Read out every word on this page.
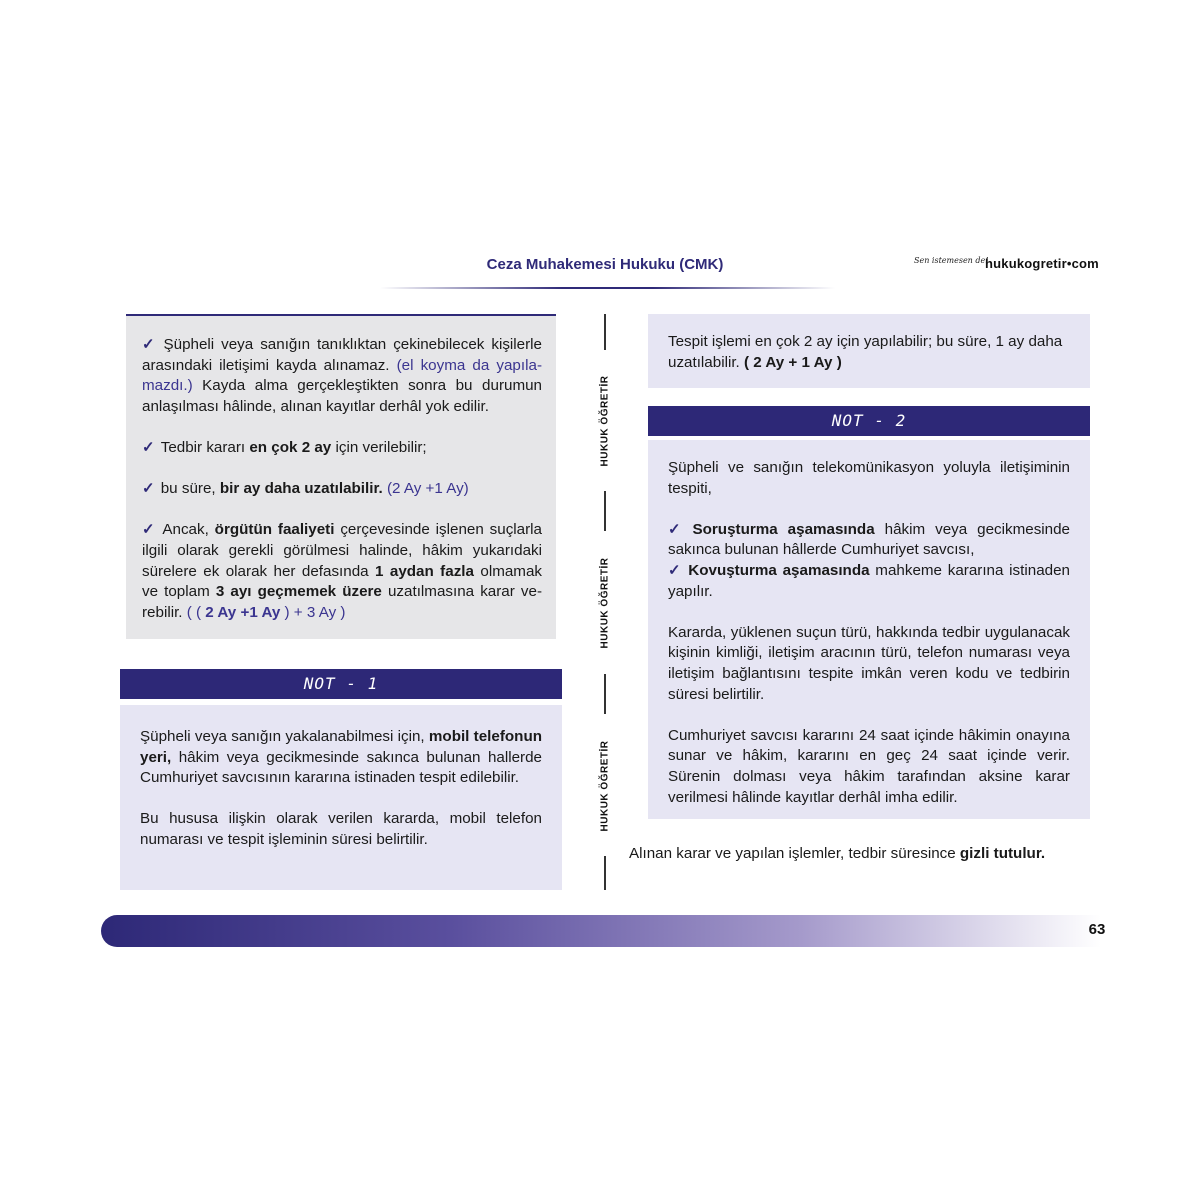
Ceza Muhakemesi Hukuku (CMK)	Sen istemesen de!
hukukogretir•com

✓ Şüpheli veya sanığın tanıklıktan çekinebilecek kişilerle arasındaki iletişimi kayda alınamaz. (el koyma da yapılamazdı.) Kayda alma gerçekleştikten sonra bu durumun anlaşılması hâlinde, alınan kayıtlar derhâl yok edilir.

✓ Tedbir kararı en çok 2 ay için verilebilir;

✓ bu süre, bir ay daha uzatılabilir. (2 Ay +1 Ay)

✓ Ancak, örgütün faaliyeti çerçevesinde işlenen suçlarla ilgili olarak gerekli görülmesi halinde, hâkim yukarıdaki sürelere ek olarak her defasında 1 aydan fazla olmamak ve toplam 3 ayı geçmemek üzere uzatılmasına karar verebilir. ( ( 2 Ay +1 Ay ) + 3 Ay )

NOT - 1

Şüpheli veya sanığın yakalanabilmesi için, mobil telefonun yeri, hâkim veya gecikmesinde sakınca bulunan hallerde Cumhuriyet savcısının kararına istinaden tespit edilebilir.

Bu hususa ilişkin olarak verilen kararda, mobil telefon numarası ve tespit işleminin süresi belirtilir.

HUKUK ÖĞRETİR
HUKUK ÖĞRETİR
HUKUK ÖĞRETİR

Tespit işlemi en çok 2 ay için yapılabilir; bu süre, 1 ay daha uzatılabilir. ( 2 Ay + 1 Ay )

NOT - 2

Şüpheli ve sanığın telekomünikasyon yoluyla iletişiminin tespiti,

✓ Soruşturma aşamasında hâkim veya gecikmesinde sakınca bulunan hâllerde Cumhuriyet savcısı,
✓ Kovuşturma aşamasında mahkeme kararına istinaden yapılır.

Kararda, yüklenen suçun türü, hakkında tedbir uygulanacak kişinin kimliği, iletişim aracının türü, telefon numarası veya iletişim bağlantısını tespite imkân veren kodu ve tedbirin süresi belirtilir.

Cumhuriyet savcısı kararını 24 saat içinde hâkimin onayına sunar ve hâkim, kararını en geç 24 saat içinde verir. Sürenin dolması veya hâkim tarafından aksine karar verilmesi hâlinde kayıtlar derhâl imha edilir.

Alınan karar ve yapılan işlemler, tedbir süresince gizli tutulur.
63
